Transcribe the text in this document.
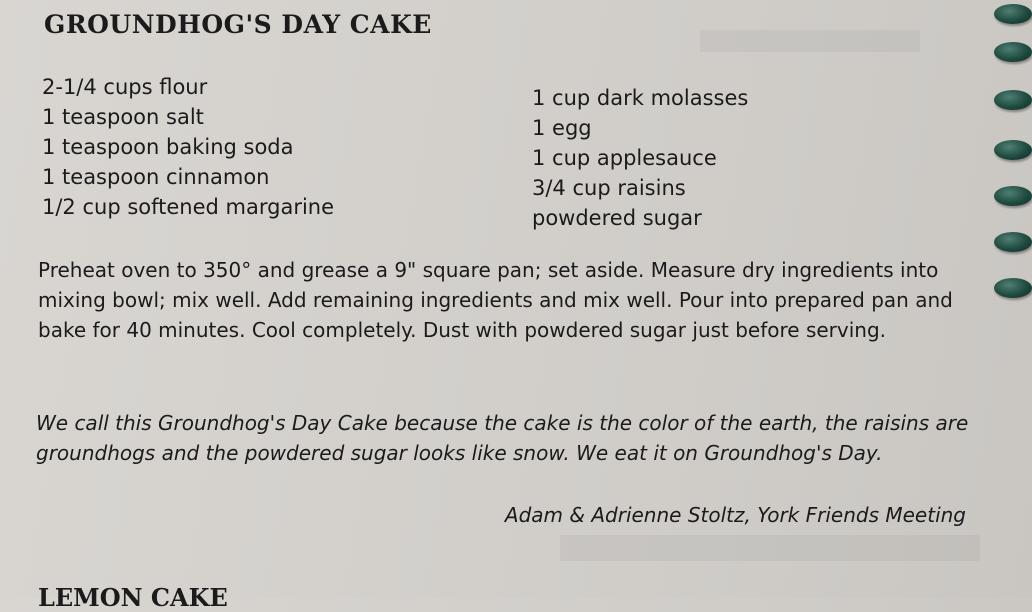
GROUNDHOG'S DAY CAKE
2-1/4 cups flour
1 teaspoon salt
1 teaspoon baking soda
1 teaspoon cinnamon
1/2 cup softened margarine
1 cup dark molasses
1 egg
1 cup applesauce
3/4 cup raisins
powdered sugar

Preheat oven to 350° and grease a 9" square pan; set aside. Measure dry ingredients into mixing bowl; mix well. Add remaining ingredients and mix well. Pour into prepared pan and bake for 40 minutes. Cool completely. Dust with powdered sugar just before serving.

We call this Groundhog's Day Cake because the cake is the color of the earth, the raisins are groundhogs and the powdered sugar looks like snow. We eat it on Groundhog's Day.

Adam & Adrienne Stoltz, York Friends Meeting

LEMON CAKE
